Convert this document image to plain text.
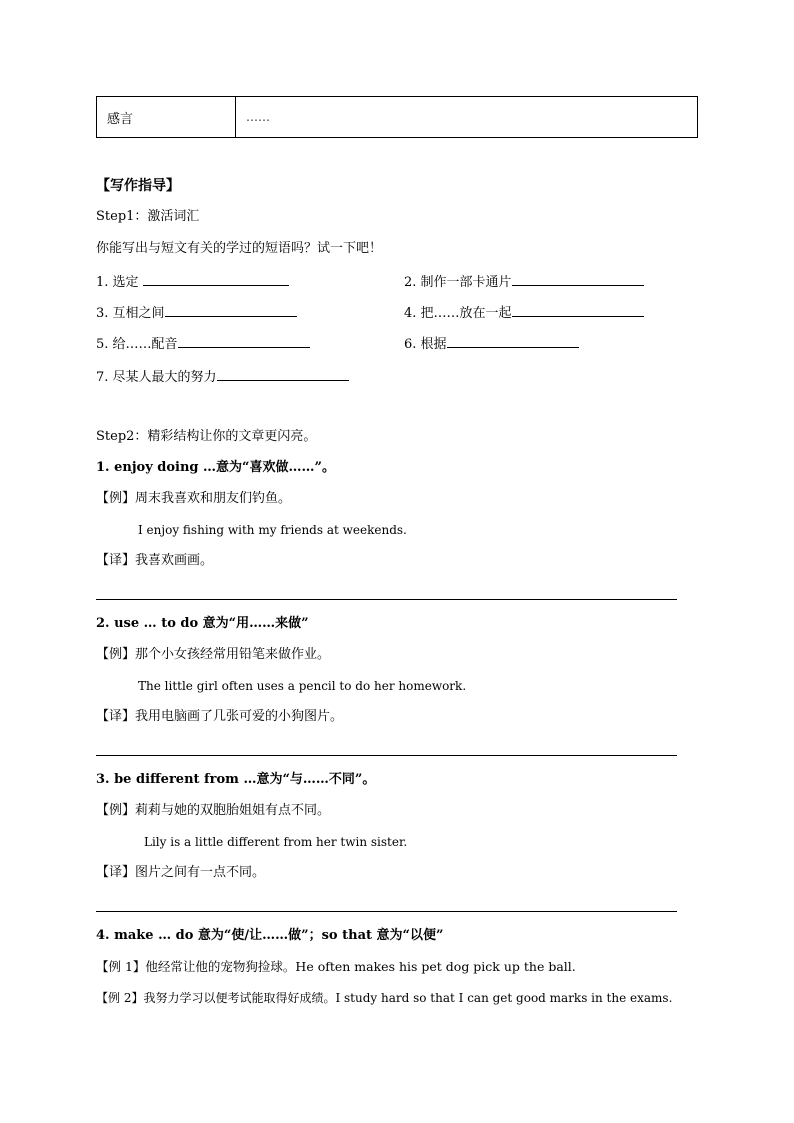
感言	……
【写作指导】
Step1：激活词汇
你能写出与短文有关的学过的短语吗？试一下吧！
1. 选定	2. 制作一部卡通片
3. 互相之间	4. 把……放在一起
5. 给……配音	6. 根据
7. 尽某人最大的努力
Step2：精彩结构让你的文章更闪亮。
1. enjoy doing …意为“喜欢做……”。
【例】周末我喜欢和朋友们钓鱼。
I enjoy fishing with my friends at weekends.
【译】我喜欢画画。
2. use … to do 意为“用……来做”
【例】那个小女孩经常用铅笔来做作业。
The little girl often uses a pencil to do her homework.
【译】我用电脑画了几张可爱的小狗图片。
3. be different from …意为“与……不同”。
【例】莉莉与她的双胞胎姐姐有点不同。
Lily is a little different from her twin sister.
【译】图片之间有一点不同。
4. make … do 意为“使/让……做”；so that 意为“以便”
【例 1】他经常让他的宠物狗捡球。He often makes his pet dog pick up the ball.
【例 2】我努力学习以便考试能取得好成绩。I study hard so that I can get good marks in the exams.
